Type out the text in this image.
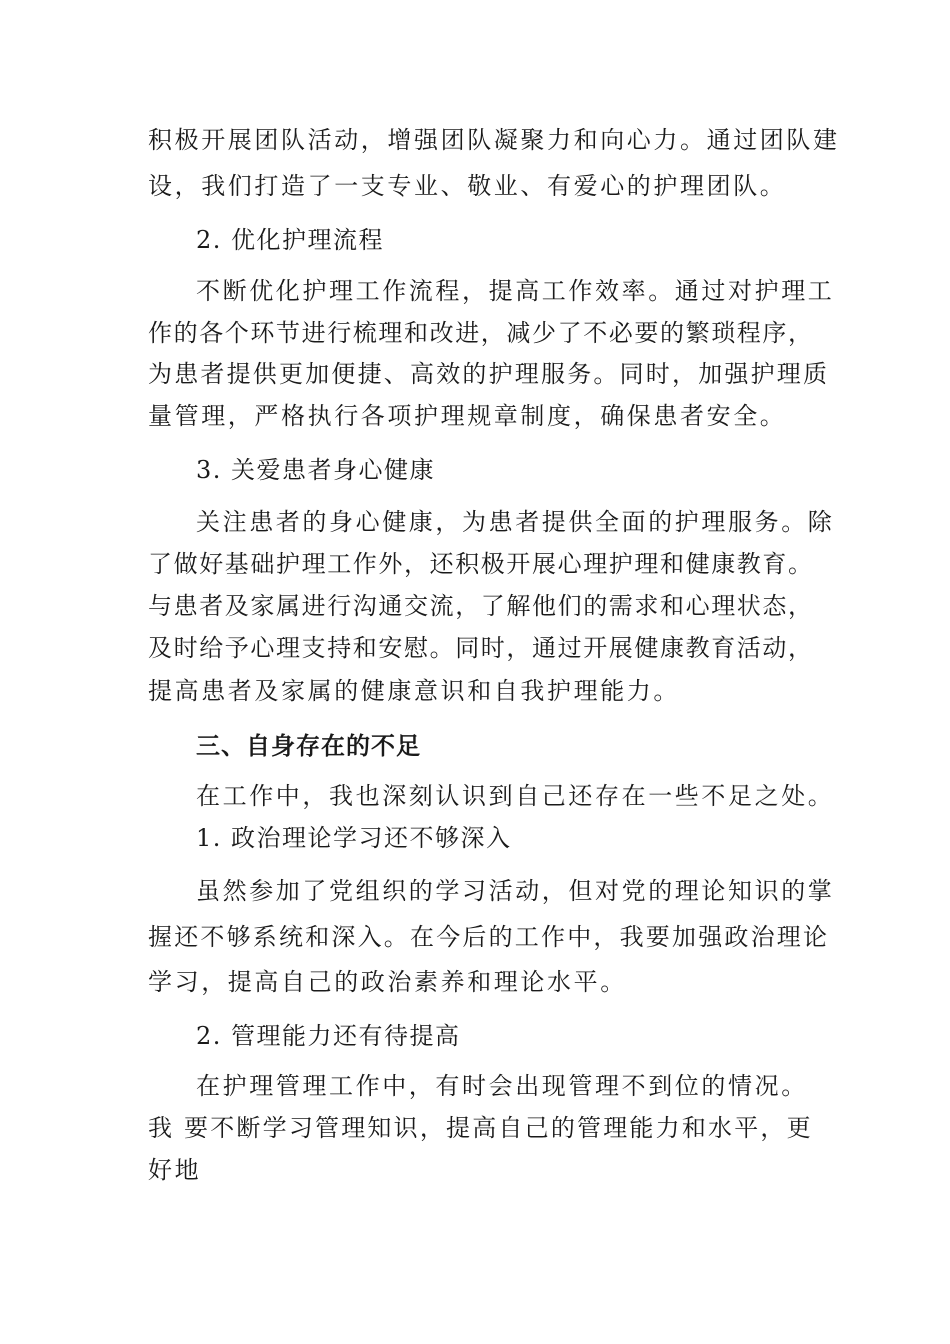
积极开展团队活动，增强团队凝聚力和向心力。通过团队建
设，我们打造了一支专业、敬业、有爱心的护理团队。
2. 优化护理流程
不断优化护理工作流程，提高工作效率。通过对护理工
作的各个环节进行梳理和改进，减少了不必要的繁琐程序，
为患者提供更加便捷、高效的护理服务。同时，加强护理质
量管理，严格执行各项护理规章制度，确保患者安全。
3. 关爱患者身心健康
关注患者的身心健康，为患者提供全面的护理服务。除
了做好基础护理工作外，还积极开展心理护理和健康教育。
与患者及家属进行沟通交流，了解他们的需求和心理状态，
及时给予心理支持和安慰。同时，通过开展健康教育活动，
提高患者及家属的健康意识和自我护理能力。
三、自身存在的不足
在工作中，我也深刻认识到自己还存在一些不足之处。
1. 政治理论学习还不够深入
虽然参加了党组织的学习活动，但对党的理论知识的掌
握还不够系统和深入。在今后的工作中，我要加强政治理论
学习，提高自己的政治素养和理论水平。
2. 管理能力还有待提高
在护理管理工作中，有时会出现管理不到位的情况。
我 要不断学习管理知识，提高自己的管理能力和水平，更
好地
